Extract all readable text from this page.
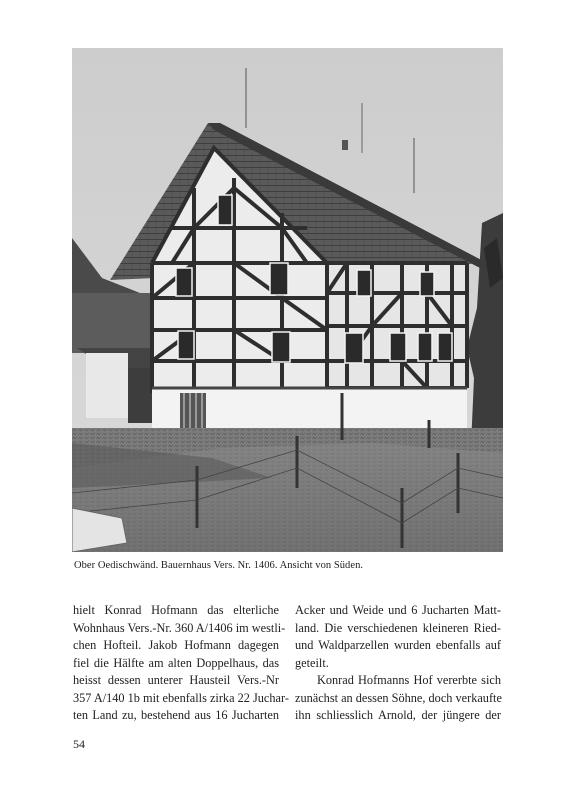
Ober Oedischwänd. Bauernhaus Vers. Nr. 1406. Ansicht von Süden.
hielt Konrad Hofmann das elterliche
Wohnhaus Vers.-Nr. 360 A/1406 im westli-
chen Hofteil. Jakob Hofmann dagegen
fiel die Hälfte am alten Doppelhaus, das
heisst dessen unterer Hausteil Vers.-Nr
357 A/140 1b mit ebenfalls zirka 22 Juchar-
ten Land zu, bestehend aus 16 Jucharten
Acker und Weide und 6 Jucharten Matt-
land. Die verschiedenen kleineren Ried-
und Waldparzellen wurden ebenfalls auf
geteilt.
Konrad Hofmanns Hof vererbte sich
zunächst an dessen Söhne, doch verkaufte
ihn schliesslich Arnold, der jüngere der
54
